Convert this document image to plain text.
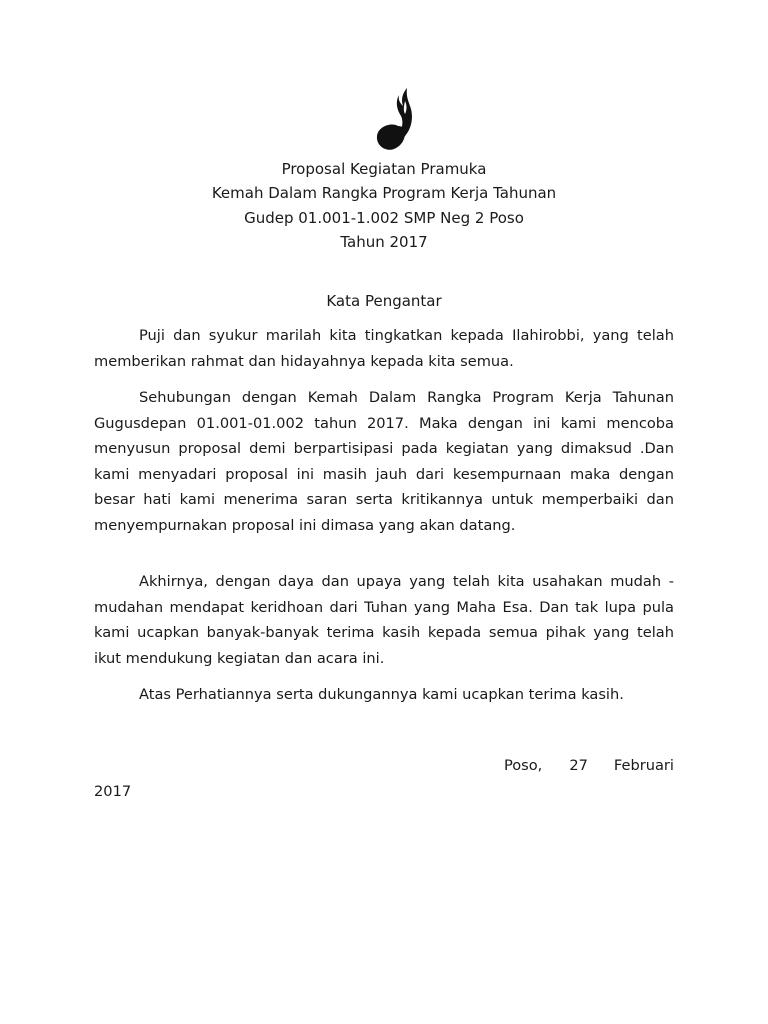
Proposal Kegiatan Pramuka
Kemah Dalam Rangka Program Kerja Tahunan
Gudep 01.001-1.002 SMP Neg 2 Poso
Tahun 2017
Kata Pengantar

Puji dan syukur marilah kita tingkatkan kepada Ilahirobbi, yang telah memberikan rahmat dan hidayahnya kepada kita semua.

Sehubungan dengan Kemah Dalam Rangka Program Kerja Tahunan Gugusdepan 01.001-01.002 tahun 2017. Maka dengan ini kami mencoba menyusun proposal demi berpartisipasi pada kegiatan yang dimaksud .Dan kami menyadari proposal ini masih jauh dari kesempurnaan maka dengan besar hati kami menerima saran serta kritikannya untuk memperbaiki dan menyempurnakan proposal ini dimasa yang akan datang.

Akhirnya, dengan daya dan upaya yang telah kita usahakan mudah - mudahan mendapat keridhoan dari Tuhan yang Maha Esa. Dan tak lupa pula kami ucapkan banyak-banyak terima kasih kepada semua pihak yang telah ikut mendukung kegiatan dan acara ini.

Atas Perhatiannya serta dukungannya kami ucapkan terima kasih.

Poso, 27 Februari
2017
